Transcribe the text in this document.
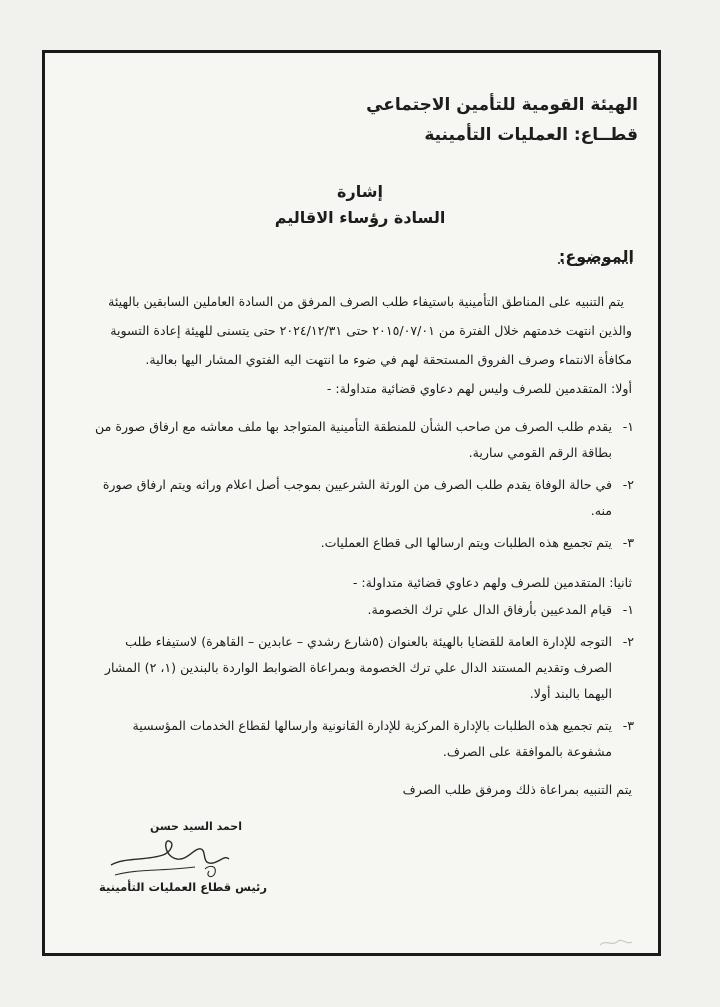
الهيئة القومية للتأمين الاجتماعي
قطــاع: العمليات التأمينية
إشارة
السادة رؤساء الاقاليم
الموضوع:
يتم التنبيه على المناطق التأمينية باستيفاء طلب الصرف المرفق من السادة العاملين السابقين بالهيئة والذين انتهت خدمتهم خلال الفترة من ٢٠١٥/٠٧/٠١ حتى ٢٠٢٤/١٢/٣١ حتى يتسنى للهيئة إعادة التسوية مكافأة الانتماء وصرف الفروق المستحقة لهم في ضوء ما انتهت اليه الفتوي المشار اليها بعالية.
أولا: المتقدمين للصرف وليس لهم دعاوي قضائية متداولة: -
١-
يقدم طلب الصرف من صاحب الشأن للمنطقة التأمينية المتواجد بها ملف معاشه مع ارفاق صورة من بطاقة الرقم القومي سارية.
٢-
في حالة الوفاة يقدم طلب الصرف من الورثة الشرعيين بموجب أصل اعلام وراثه ويتم ارفاق صورة منه.
٣-
يتم تجميع هذه الطلبات ويتم ارسالها الى قطاع العمليات.
ثانيا: المتقدمين للصرف ولهم دعاوي قضائية متداولة: -
١-
قيام المدعيين بأرفاق الدال علي ترك الخصومة.
٢-
التوجه للإدارة العامة للقضايا بالهيئة بالعنوان (٥شارع رشدي – عابدين – القاهرة) لاستيفاء طلب الصرف وتقديم المستند الدال علي ترك الخصومة وبمراعاة الضوابط الواردة بالبندين (١، ٢) المشار اليهما بالبند أولا.
٣-
يتم تجميع هذه الطلبات بالإدارة المركزية للإدارة القانونية وارسالها لقطاع الخدمات المؤسسية مشفوعة بالموافقة على الصرف.
يتم التنبيه بمراعاة ذلك ومرفق طلب الصرف
احمد السيد حسن
رئيس قطاع العمليات التأمينية
